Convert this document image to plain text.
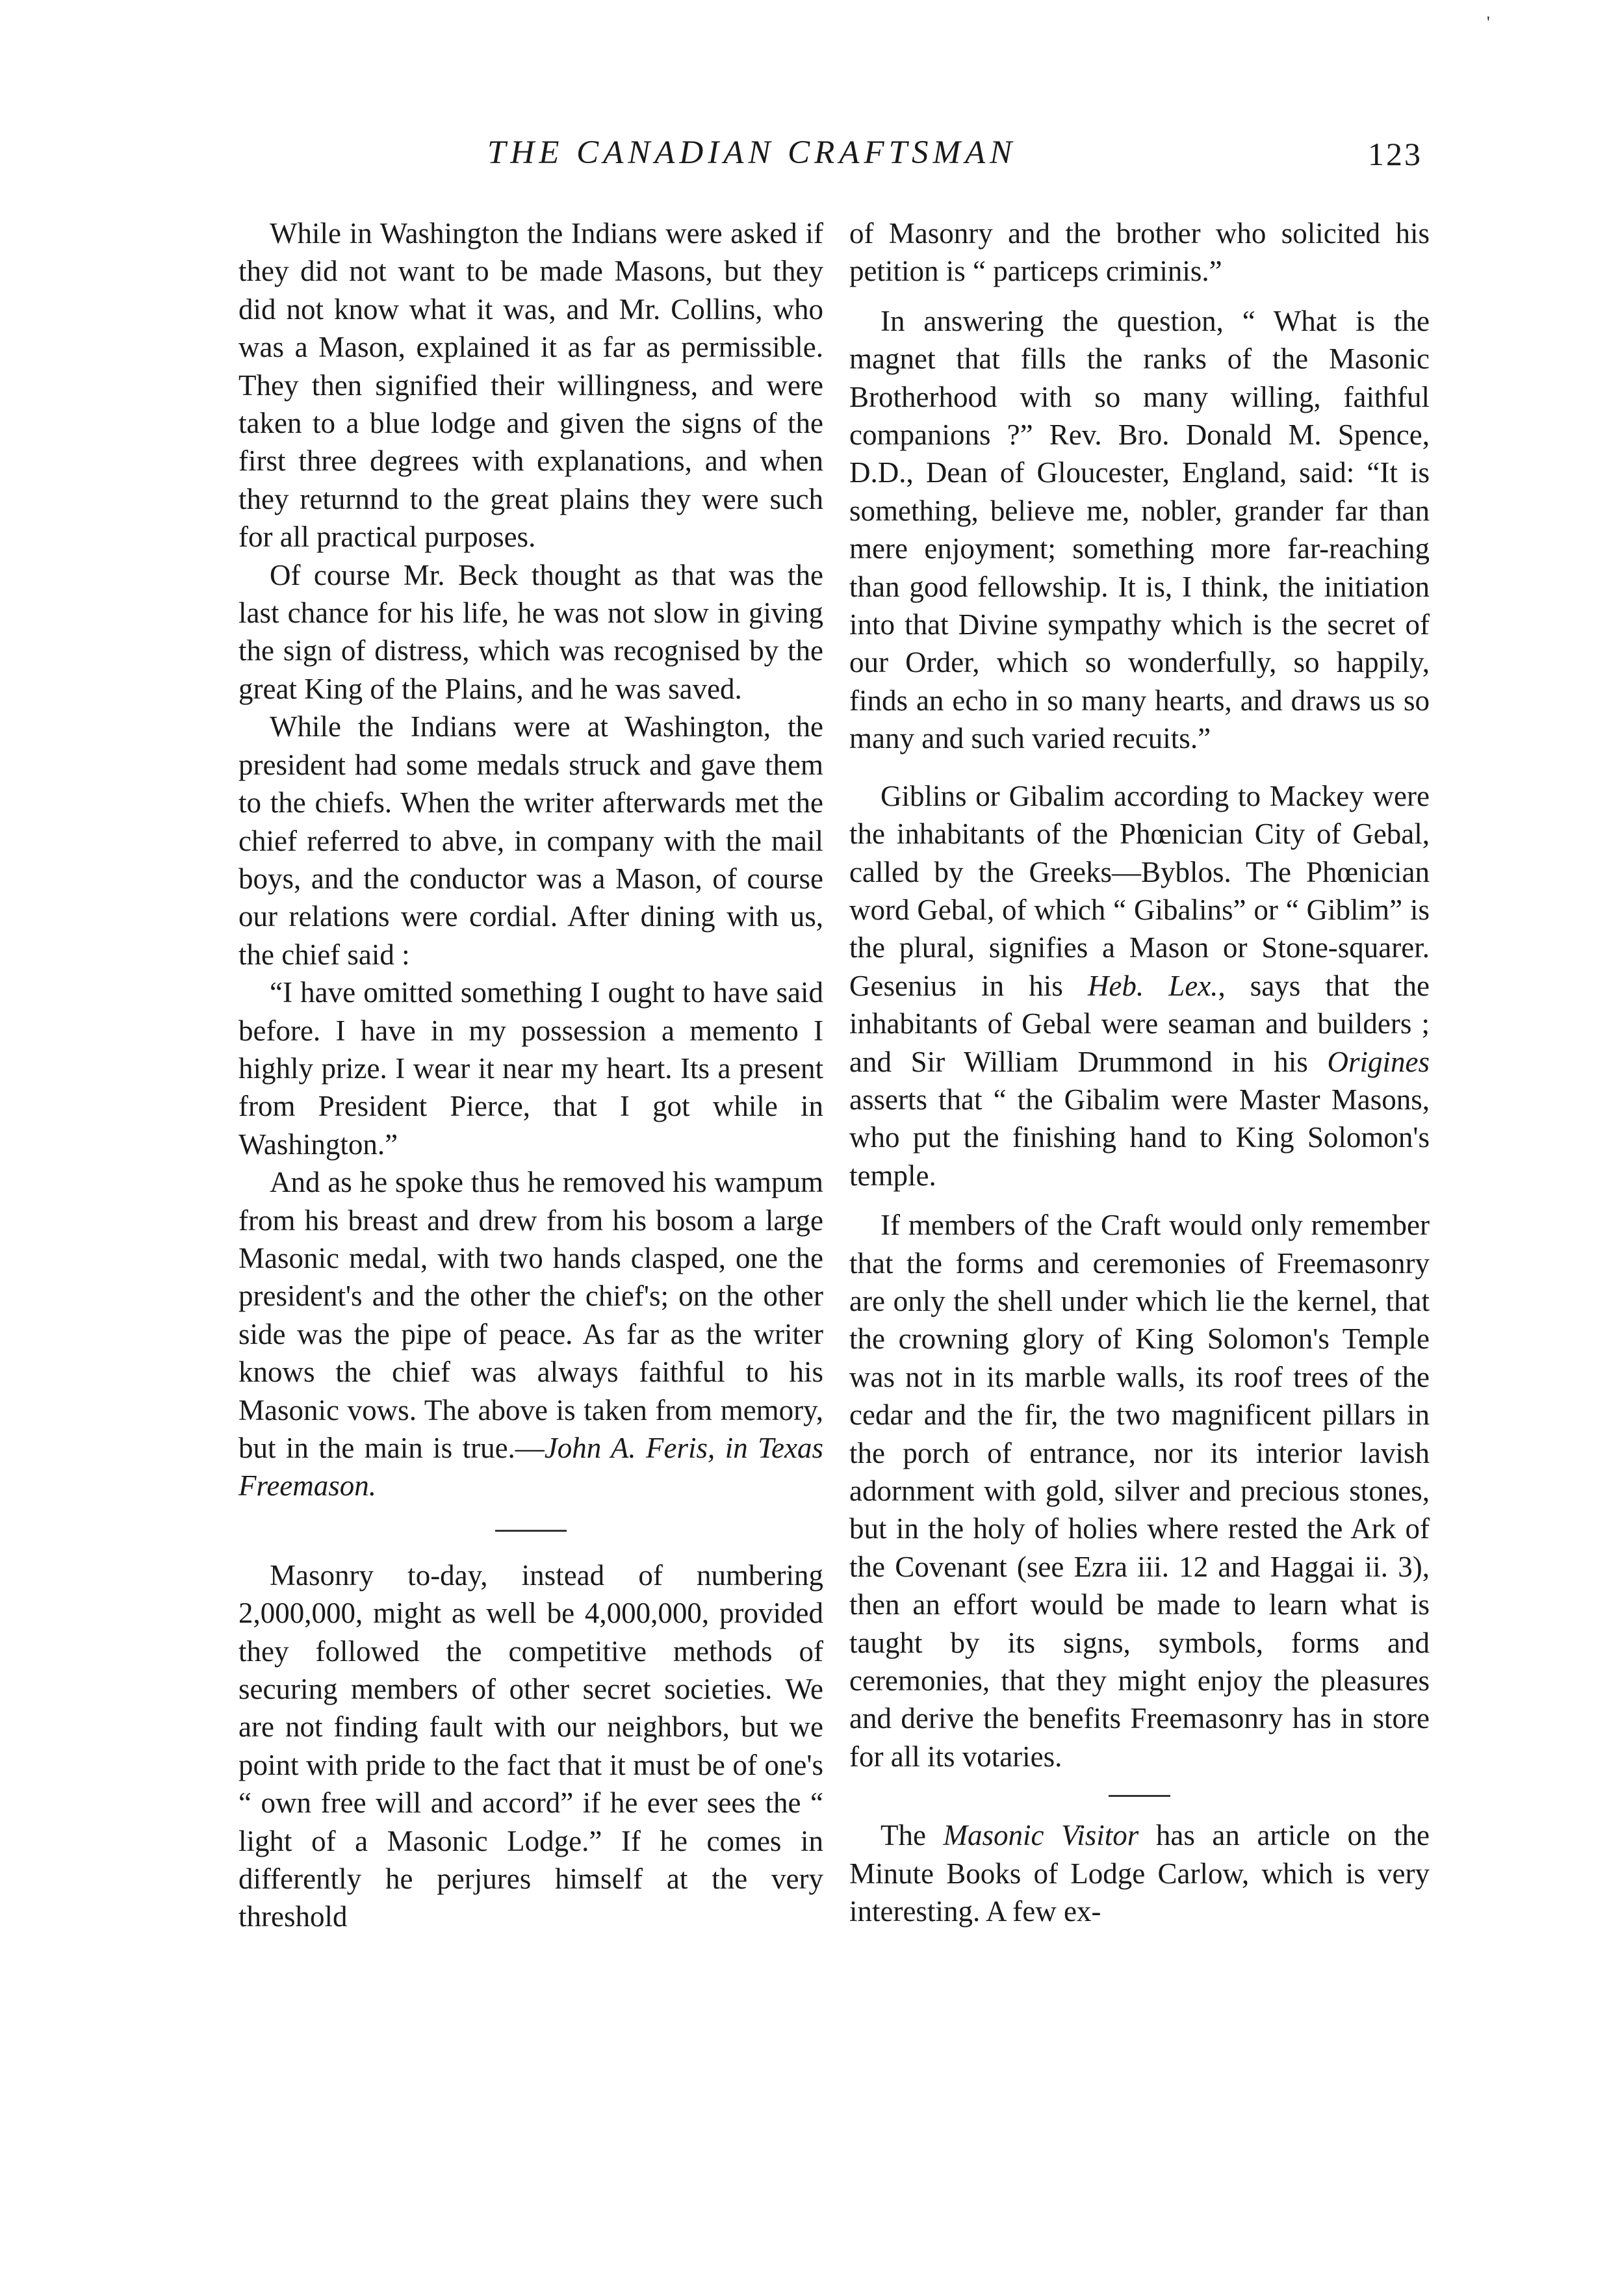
'
THE CANADIAN CRAFTSMAN	123

While in Washington the Indians were asked if they did not want to be made Masons, but they did not know what it was, and Mr. Collins, who was a Mason, explained it as far as permissible. They then signified their willingness, and were taken to a blue lodge and given the signs of the first three degrees with explanations, and when they returnnd to the great plains they were such for all practical purposes.

Of course Mr. Beck thought as that was the last chance for his life, he was not slow in giving the sign of distress, which was recognised by the great King of the Plains, and he was saved.

While the Indians were at Washington, the president had some medals struck and gave them to the chiefs. When the writer afterwards met the chief referred to abve, in company with the mail boys, and the conductor was a Mason, of course our relations were cordial. After dining with us, the chief said :

“I have omitted something I ought to have said before. I have in my possession a memento I highly prize. I wear it near my heart. Its a present from President Pierce, that I got while in Washington.”

And as he spoke thus he removed his wampum from his breast and drew from his bosom a large Masonic medal, with two hands clasped, one the president's and the other the chief's; on the other side was the pipe of peace. As far as the writer knows the chief was always faithful to his Masonic vows. The above is taken from memory, but in the main is true.—John A. Feris, in Texas Freemason.

Masonry to-day, instead of numbering 2,000,000, might as well be 4,000,000, provided they followed the competitive methods of securing members of other secret societies. We are not finding fault with our neighbors, but we point with pride to the fact that it must be of one's “ own free will and accord” if he ever sees the “ light of a Masonic Lodge.” If he comes in differently he perjures himself at the very threshold

of Masonry and the brother who solicited his petition is “ particeps criminis.”

In answering the question, “ What is the magnet that fills the ranks of the Masonic Brotherhood with so many willing, faithful companions ?” Rev. Bro. Donald M. Spence, D.D., Dean of Gloucester, England, said: “It is something, believe me, nobler, grander far than mere enjoyment; something more far-reaching than good fellowship. It is, I think, the initiation into that Divine sympathy which is the secret of our Order, which so wonderfully, so happily, finds an echo in so many hearts, and draws us so many and such varied recuits.”

Giblins or Gibalim according to Mackey were the inhabitants of the Phœnician City of Gebal, called by the Greeks—Byblos. The Phœnician word Gebal, of which “ Gibalins” or “ Giblim” is the plural, signifies a Mason or Stone-squarer. Gesenius in his Heb. Lex., says that the inhabitants of Gebal were seaman and builders ; and Sir William Drummond in his Origines asserts that “ the Gibalim were Master Masons, who put the finishing hand to King Solomon's temple.

If members of the Craft would only remember that the forms and ceremonies of Freemasonry are only the shell under which lie the kernel, that the crowning glory of King Solomon's Temple was not in its marble walls, its roof trees of the cedar and the fir, the two magnificent pillars in the porch of entrance, nor its interior lavish adornment with gold, silver and precious stones, but in the holy of holies where rested the Ark of the Covenant (see Ezra iii. 12 and Haggai ii. 3), then an effort would be made to learn what is taught by its signs, symbols, forms and ceremonies, that they might enjoy the pleasures and derive the benefits Freemasonry has in store for all its votaries.

The Masonic Visitor has an article on the Minute Books of Lodge Carlow, which is very interesting. A few ex-
